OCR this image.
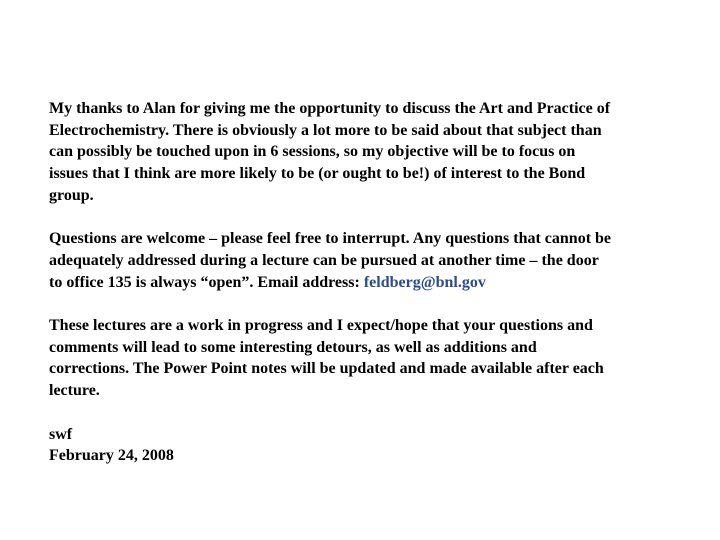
My thanks to Alan for giving me the opportunity to discuss the Art and Practice of
Electrochemistry. There is obviously a lot more to be said about that subject than
can possibly be touched upon in 6 sessions, so my objective will be to focus on
issues that I think are more likely to be (or ought to be!) of interest to the Bond
group.

Questions are welcome – please feel free to interrupt. Any questions that cannot be
adequately addressed during a lecture can be pursued at another time – the door
to office 135 is always “open”. Email address: feldberg@bnl.gov

These lectures are a work in progress and I expect/hope that your questions and
comments will lead to some interesting detours, as well as additions and
corrections. The Power Point notes will be updated and made available after each
lecture.

swf
February 24, 2008
